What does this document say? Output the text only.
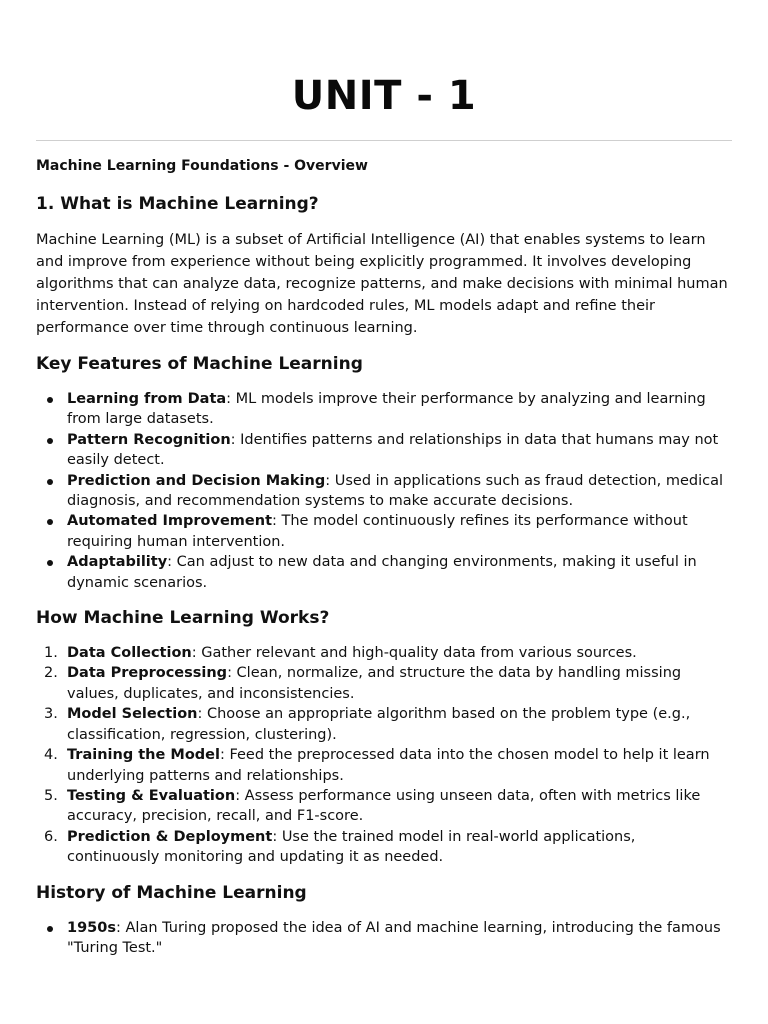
UNIT - 1

Machine Learning Foundations - Overview

1. What is Machine Learning?

Machine Learning (ML) is a subset of Artificial Intelligence (AI) that enables systems to learn and improve from experience without being explicitly programmed. It involves developing algorithms that can analyze data, recognize patterns, and make decisions with minimal human intervention. Instead of relying on hardcoded rules, ML models adapt and refine their performance over time through continuous learning.

Key Features of Machine Learning
Learning from Data: ML models improve their performance by analyzing and learning from large datasets.
Pattern Recognition: Identifies patterns and relationships in data that humans may not easily detect.
Prediction and Decision Making: Used in applications such as fraud detection, medical diagnosis, and recommendation systems to make accurate decisions.
Automated Improvement: The model continuously refines its performance without requiring human intervention.
Adaptability: Can adjust to new data and changing environments, making it useful in dynamic scenarios.
How Machine Learning Works?
1. Data Collection: Gather relevant and high-quality data from various sources.
2. Data Preprocessing: Clean, normalize, and structure the data by handling missing values, duplicates, and inconsistencies.
3. Model Selection: Choose an appropriate algorithm based on the problem type (e.g., classification, regression, clustering).
4. Training the Model: Feed the preprocessed data into the chosen model to help it learn underlying patterns and relationships.
5. Testing & Evaluation: Assess performance using unseen data, often with metrics like accuracy, precision, recall, and F1-score.
6. Prediction & Deployment: Use the trained model in real-world applications, continuously monitoring and updating it as needed.
History of Machine Learning
1950s: Alan Turing proposed the idea of AI and machine learning, introducing the famous "Turing Test."
